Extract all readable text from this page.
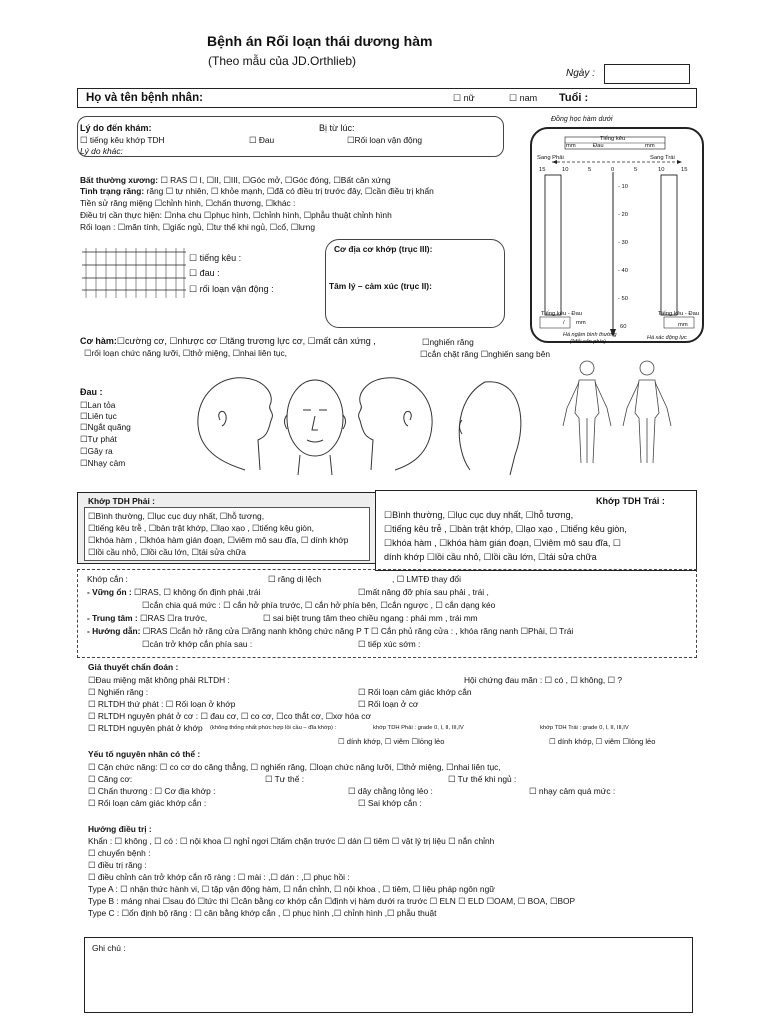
Bệnh án Rối loạn thái dương hàm
(Theo mẫu của JD.Orthlieb)
Ngày :
Họ và tên bệnh nhân:	☐ nữ	☐ nam Tuổi :
Lý do đến khám:	Bị từ lúc:
☐ tiếng kêu khớp TDH	☐ Đau	☐Rối loạn vận động
Lý do khác:
Đồng học hàm dưới
Tiếng kêu
Đau
mm	mm
Sang Phải	Sang Trái
15	10	5	0	5	10	15
- 10
- 20
- 30
- 40
- 50
60
Tiếng kêu - Đau	Tiếng kêu - Đau
/ mm	mm
Há ngậm bình thường
(*đổi cấn phía)
Há xác động lực
Bất thường xương: ☐ RAS ☐ I, ☐II, ☐III, ☐Góc mở, ☐Góc đóng, ☐Bất cân xứng
Tình trạng răng: răng ☐ tự nhiên, ☐ khỏe mạnh, ☐đã có điều trị trước đây, ☐cần điều trị khẩn
Tiền sử răng miệng ☐chỉnh hình, ☐chấn thương, ☐khác :
Điều trị cần thực hiện: ☐nha chu ☐phục hình, ☐chỉnh hình, ☐phẫu thuật chỉnh hình
Rối loạn : ☐mãn tính, ☐giấc ngủ, ☐tư thế khi ngủ, ☐cổ, ☐lưng
☐ tiếng kêu :
☐ đau :
☐ rối loạn vận động :
Cơ địa cơ khớp (trục III):
Tâm lý – cảm xúc (trục II):
Cơ hàm:☐cường cơ, ☐nhược cơ ☐tăng trương lực cơ, ☐mất cân xứng ,	☐nghiến răng
☐rối loạn chức năng lưỡi, ☐thở miệng, ☐nhai liên tục,	☐cắn chặt răng ☐nghiến sang bên
Đau :
☐Lan tỏa
☐Liên tục
☐Ngắt quãng
☐Tự phát
☐Gây ra
☐Nhạy cảm
Khớp TDH Phải :
☐Bình thường, ☐lục cục duy nhất, ☐hỗ tương,
☐tiếng kêu trễ , ☐bản trật khớp, ☐lạo xạo , ☐tiếng kêu giòn,
☐khóa hàm , ☐khóa hàm gián đoạn, ☐viêm mô sau đĩa, ☐ dính khớp
☐lồi cầu nhỏ, ☐lồi cầu lớn, ☐tái sửa chữa
Khớp TDH Trái :
☐Bình thường, ☐lục cục duy nhất, ☐hỗ tương,
☐tiếng kêu trễ , ☐bản trật khớp, ☐lạo xạo , ☐tiếng kêu giòn,
☐khóa hàm , ☐khóa hàm gián đoạn, ☐viêm mô sau đĩa, ☐
dính khớp ☐lồi cầu nhỏ, ☐lồi cầu lớn, ☐tái sửa chữa
Khớp cắn :	☐ răng dị lệch	, ☐ LMTĐ thay đổi
- Vững ổn : ☐RAS, ☐ không ổn định phải ,trái	☐mất nâng đỡ phía sau phải , trái ,
☐cắn chia quá mức : ☐ cắn hở phía trước, ☐ cắn hở phía bên, ☐cắn ngược , ☐ cắn dạng kéo
- Trung tâm : ☐RAS ☐ra trước,	☐ sai biệt trung tâm theo chiều ngang : phải mm , trái mm
- Hướng dẫn: ☐RAS ☐cắn hở răng cửa ☐răng nanh không chức năng P T ☐ Cắn phủ răng cửa : , khóa răng nanh ☐Phải, ☐ Trái
☐cản trở khớp cắn phía sau :	☐ tiếp xúc sớm :
Giả thuyết chẩn đoán :
☐Đau miệng mặt không phải RLTDH :	Hội chứng đau mãn : ☐ có , ☐ không, ☐ ?
☐ Nghiến răng :	☐ Rối loạn cảm giác khớp cắn
☐ RLTDH thứ phát : ☐ Rối loạn ở khớp	☐ Rối loạn ở cơ
☐ RLTDH nguyên phát ở cơ : ☐ đau cơ, ☐ co cơ, ☐co thắt cơ, ☐xơ hóa cơ
☐ RLTDH nguyên phát ở khớp (không thống nhất phức hợp lồi cầu – đĩa khớp) :	khớp TDH Phải : grade 0, I, II, III,IV	khớp TDH Trái : grade 0, I, II, III,IV
☐ dính khớp, ☐ viêm ☐lỏng lẻo	☐ dính khớp, ☐ viêm ☐lỏng lẻo
Yếu tố nguyên nhân có thể :
☐ Cận chức năng: ☐ co cơ do căng thẳng, ☐ nghiến răng, ☐loạn chức năng lưỡi, ☐thở miệng, ☐nhai liên tục,
☐ Căng cơ:	☐ Tư thế :	☐ Tư thế khi ngủ :
☐ Chấn thương : ☐ Cơ địa khớp :	☐ dây chằng lỏng lẻo :	☐ nhạy cảm quá mức :
☐ Rối loạn cảm giác khớp cắn :	☐ Sai khớp cắn :
Hướng điều trị :
Khẩn : ☐ không , ☐ có : ☐ nội khoa ☐ nghỉ ngơi ☐tấm chặn trước ☐ dán ☐ tiêm ☐ vật lý trị liệu ☐ nắn chỉnh
☐ chuyển bệnh :
☐ điều trị răng :
☐ điều chỉnh cản trở khớp cắn rõ ràng : ☐ mài : ,☐ dán : ,☐ phục hồi :
Type A : ☐ nhận thức hành vi, ☐ tập vận động hàm, ☐ nắn chỉnh, ☐ nội khoa , ☐ tiêm, ☐ liệu pháp ngôn ngữ
Type B : máng nhai ☐sau đó ☐tức thì ☐cân bằng cơ khớp cắn ☐định vị hàm dưới ra trước ☐ ELN ☐ ELD ☐OAM, ☐ BOA, ☐BOP
Type C : ☐ổn định bộ răng : ☐ cân bằng khớp cắn , ☐ phục hình ,☐ chỉnh hình ,☐ phẫu thuật
Ghi chú :
